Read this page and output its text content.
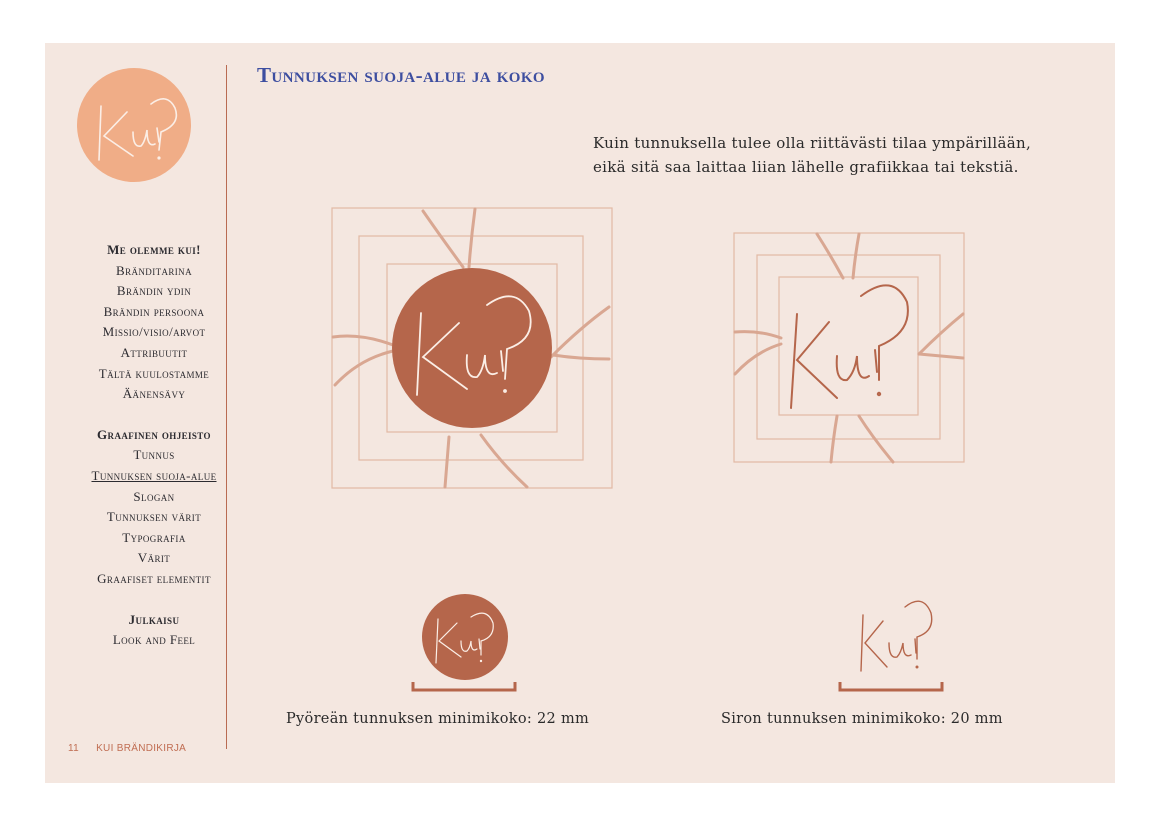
Me olemme kui!
Bränditarina
Brändin ydin
Brändin persoona
Missio/visio/arvot
Attribuutit
Tältä kuulostamme
Äänensävy
Graafinen ohjeisto
Tunnus
Tunnuksen suoja-alue
Slogan
Tunnuksen värit
Typografia
Värit
Graafiset elementit
Julkaisu
Look and Feel
11 KUI BRÄNDIKIRJA
Tunnuksen suoja-alue ja koko
Kuin tunnuksella tulee olla riittävästi tilaa ympärillään,
eikä sitä saa laittaa liian lähelle grafiikkaa tai tekstiä.
Pyöreän tunnuksen minimikoko: 22 mm	Siron tunnuksen minimikoko: 20 mm
